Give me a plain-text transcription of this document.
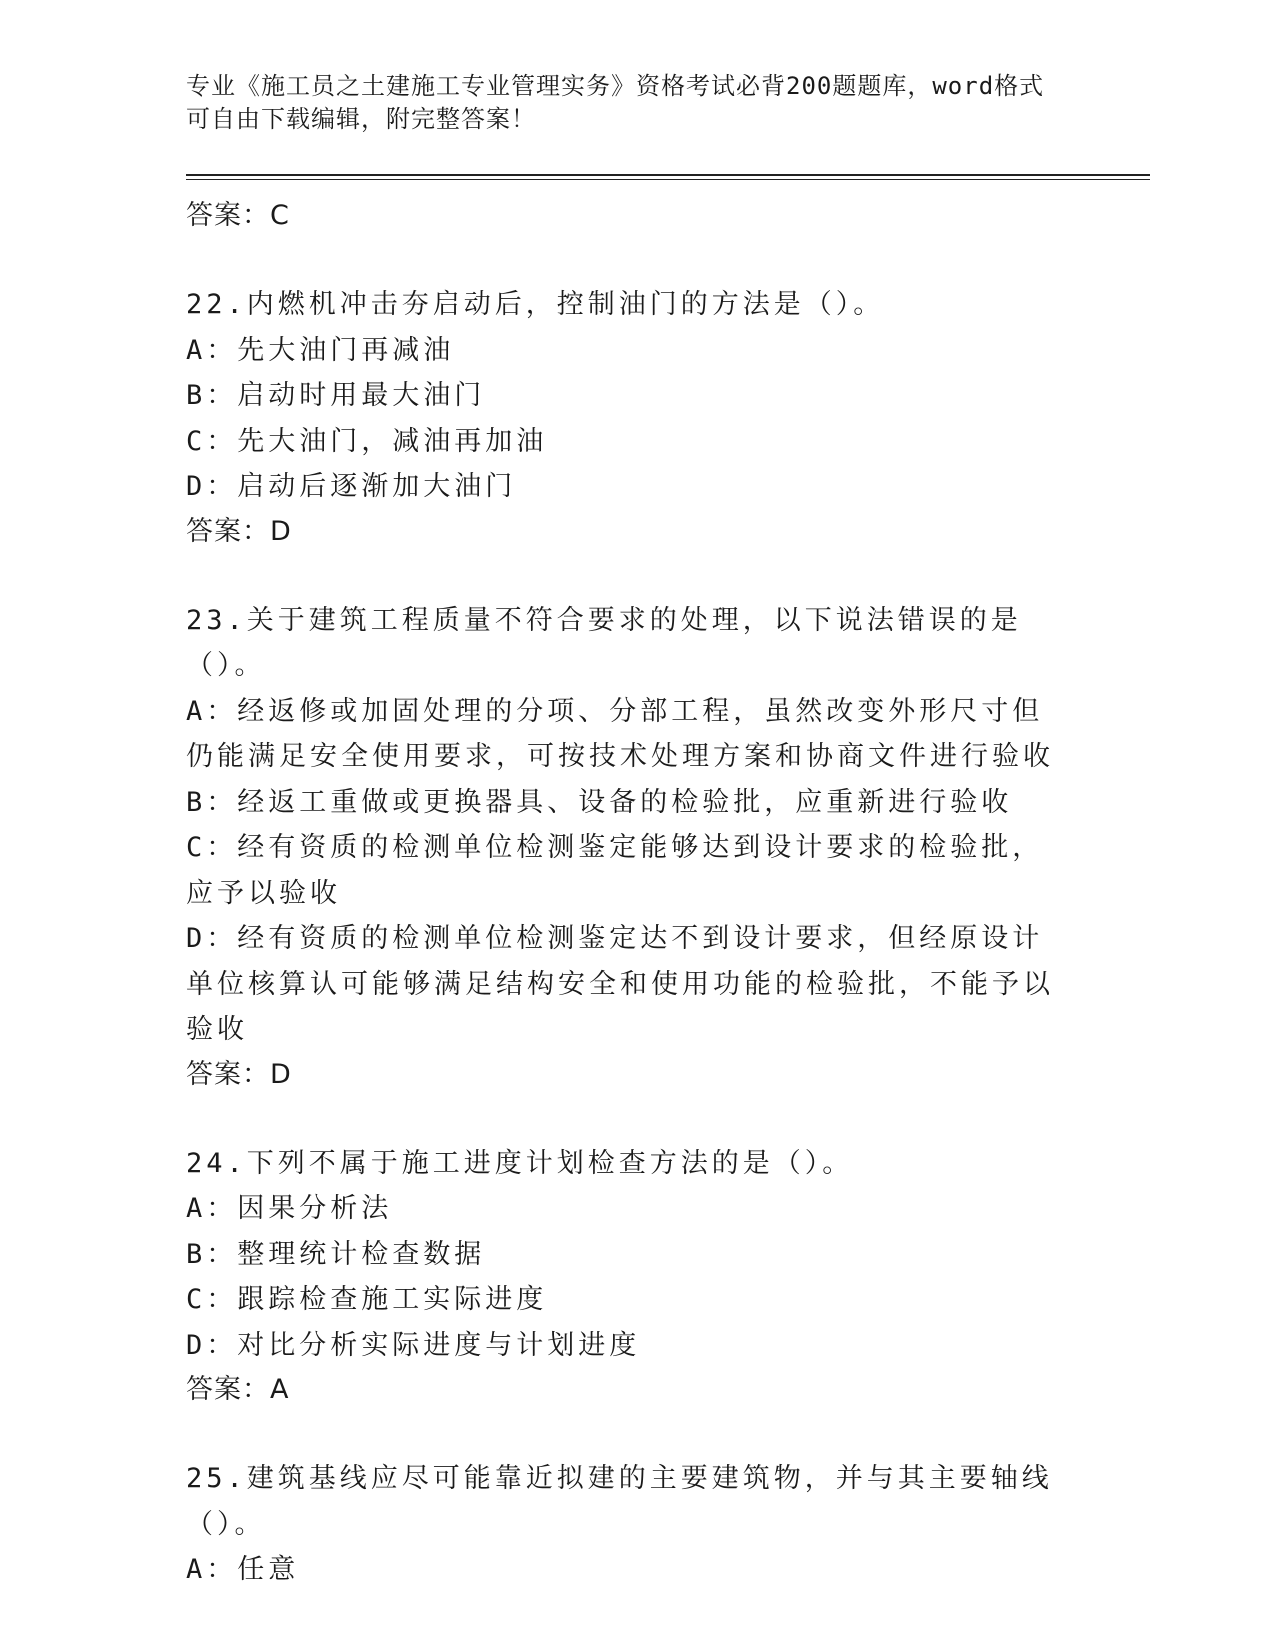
专业《施工员之土建施工专业管理实务》资格考试必背200题题库，word格式可自由下载编辑，附完整答案！

答案：C

22.内燃机冲击夯启动后，控制油门的方法是（）。

A：先大油门再减油

B：启动时用最大油门

C：先大油门，减油再加油

D：启动后逐渐加大油门

答案：D

23.关于建筑工程质量不符合要求的处理，以下说法错误的是（）。

A：经返修或加固处理的分项、分部工程，虽然改变外形尺寸但仍能满足安全使用要求，可按技术处理方案和协商文件进行验收

B：经返工重做或更换器具、设备的检验批，应重新进行验收

C：经有资质的检测单位检测鉴定能够达到设计要求的检验批，应予以验收

D：经有资质的检测单位检测鉴定达不到设计要求，但经原设计单位核算认可能够满足结构安全和使用功能的检验批，不能予以验收

答案：D

24.下列不属于施工进度计划检查方法的是（）。

A：因果分析法

B：整理统计检查数据

C：跟踪检查施工实际进度

D：对比分析实际进度与计划进度

答案：A

25.建筑基线应尽可能靠近拟建的主要建筑物，并与其主要轴线（）。

A：任意
